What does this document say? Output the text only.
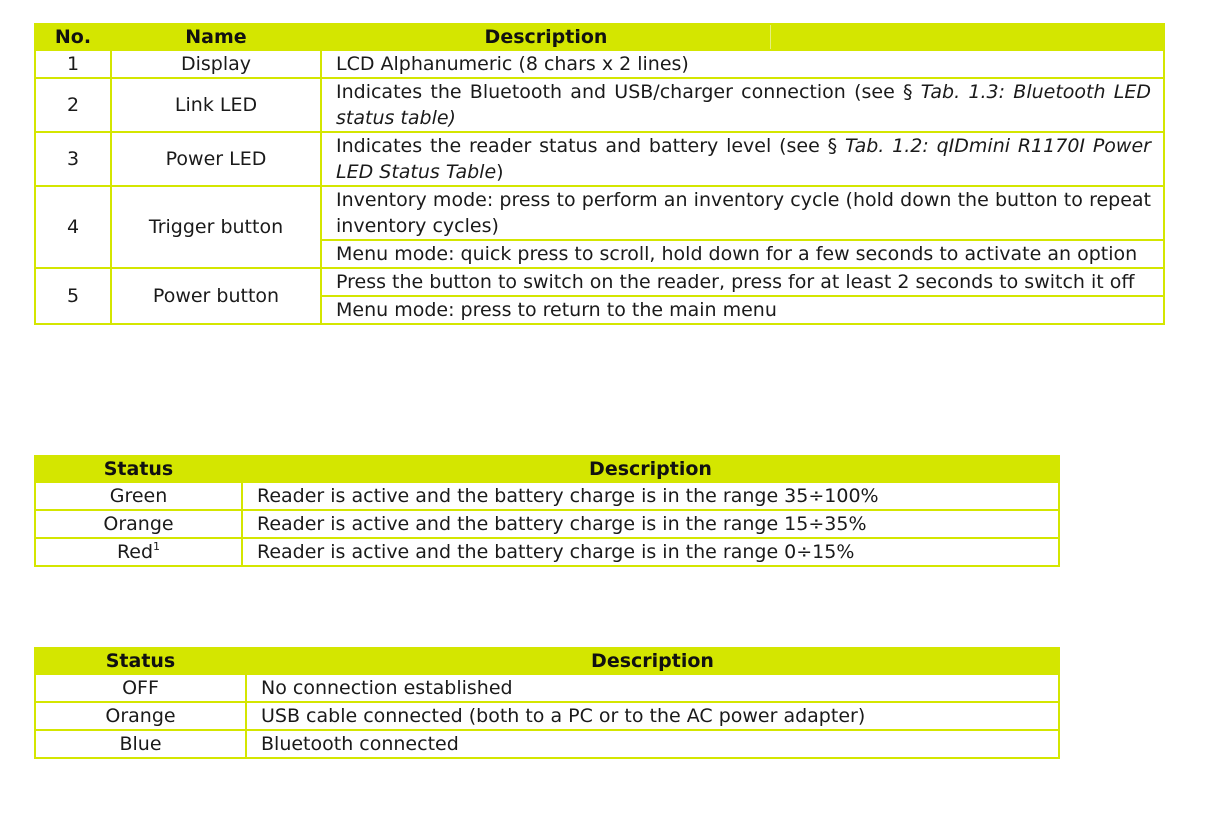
No.	Name	Description

1	Display	LCD Alphanumeric (8 chars x 2 lines)
2	Link LED	Indicates the Bluetooth and USB/charger connection (see § Tab. 1.3: Bluetooth LED status table)
3	Power LED	Indicates the reader status and battery level (see § Tab. 1.2: qIDmini R1170I Power LED Status Table)
4	Trigger button	Inventory mode: press to perform an inventory cycle (hold down the button to repeat inventory cycles)
		Menu mode: quick press to scroll, hold down for a few seconds to activate an option
5	Power button	Press the button to switch on the reader, press for at least 2 seconds to switch it off
		Menu mode: press to return to the main menu
Status	Description
Green	Reader is active and the battery charge is in the range 35÷100%
Orange	Reader is active and the battery charge is in the range 15÷35%
Red$^1$	Reader is active and the battery charge is in the range 0÷15%
Status	Description
OFF	No connection established
Orange	USB cable connected (both to a PC or to the AC power adapter)
Blue	Bluetooth connected
